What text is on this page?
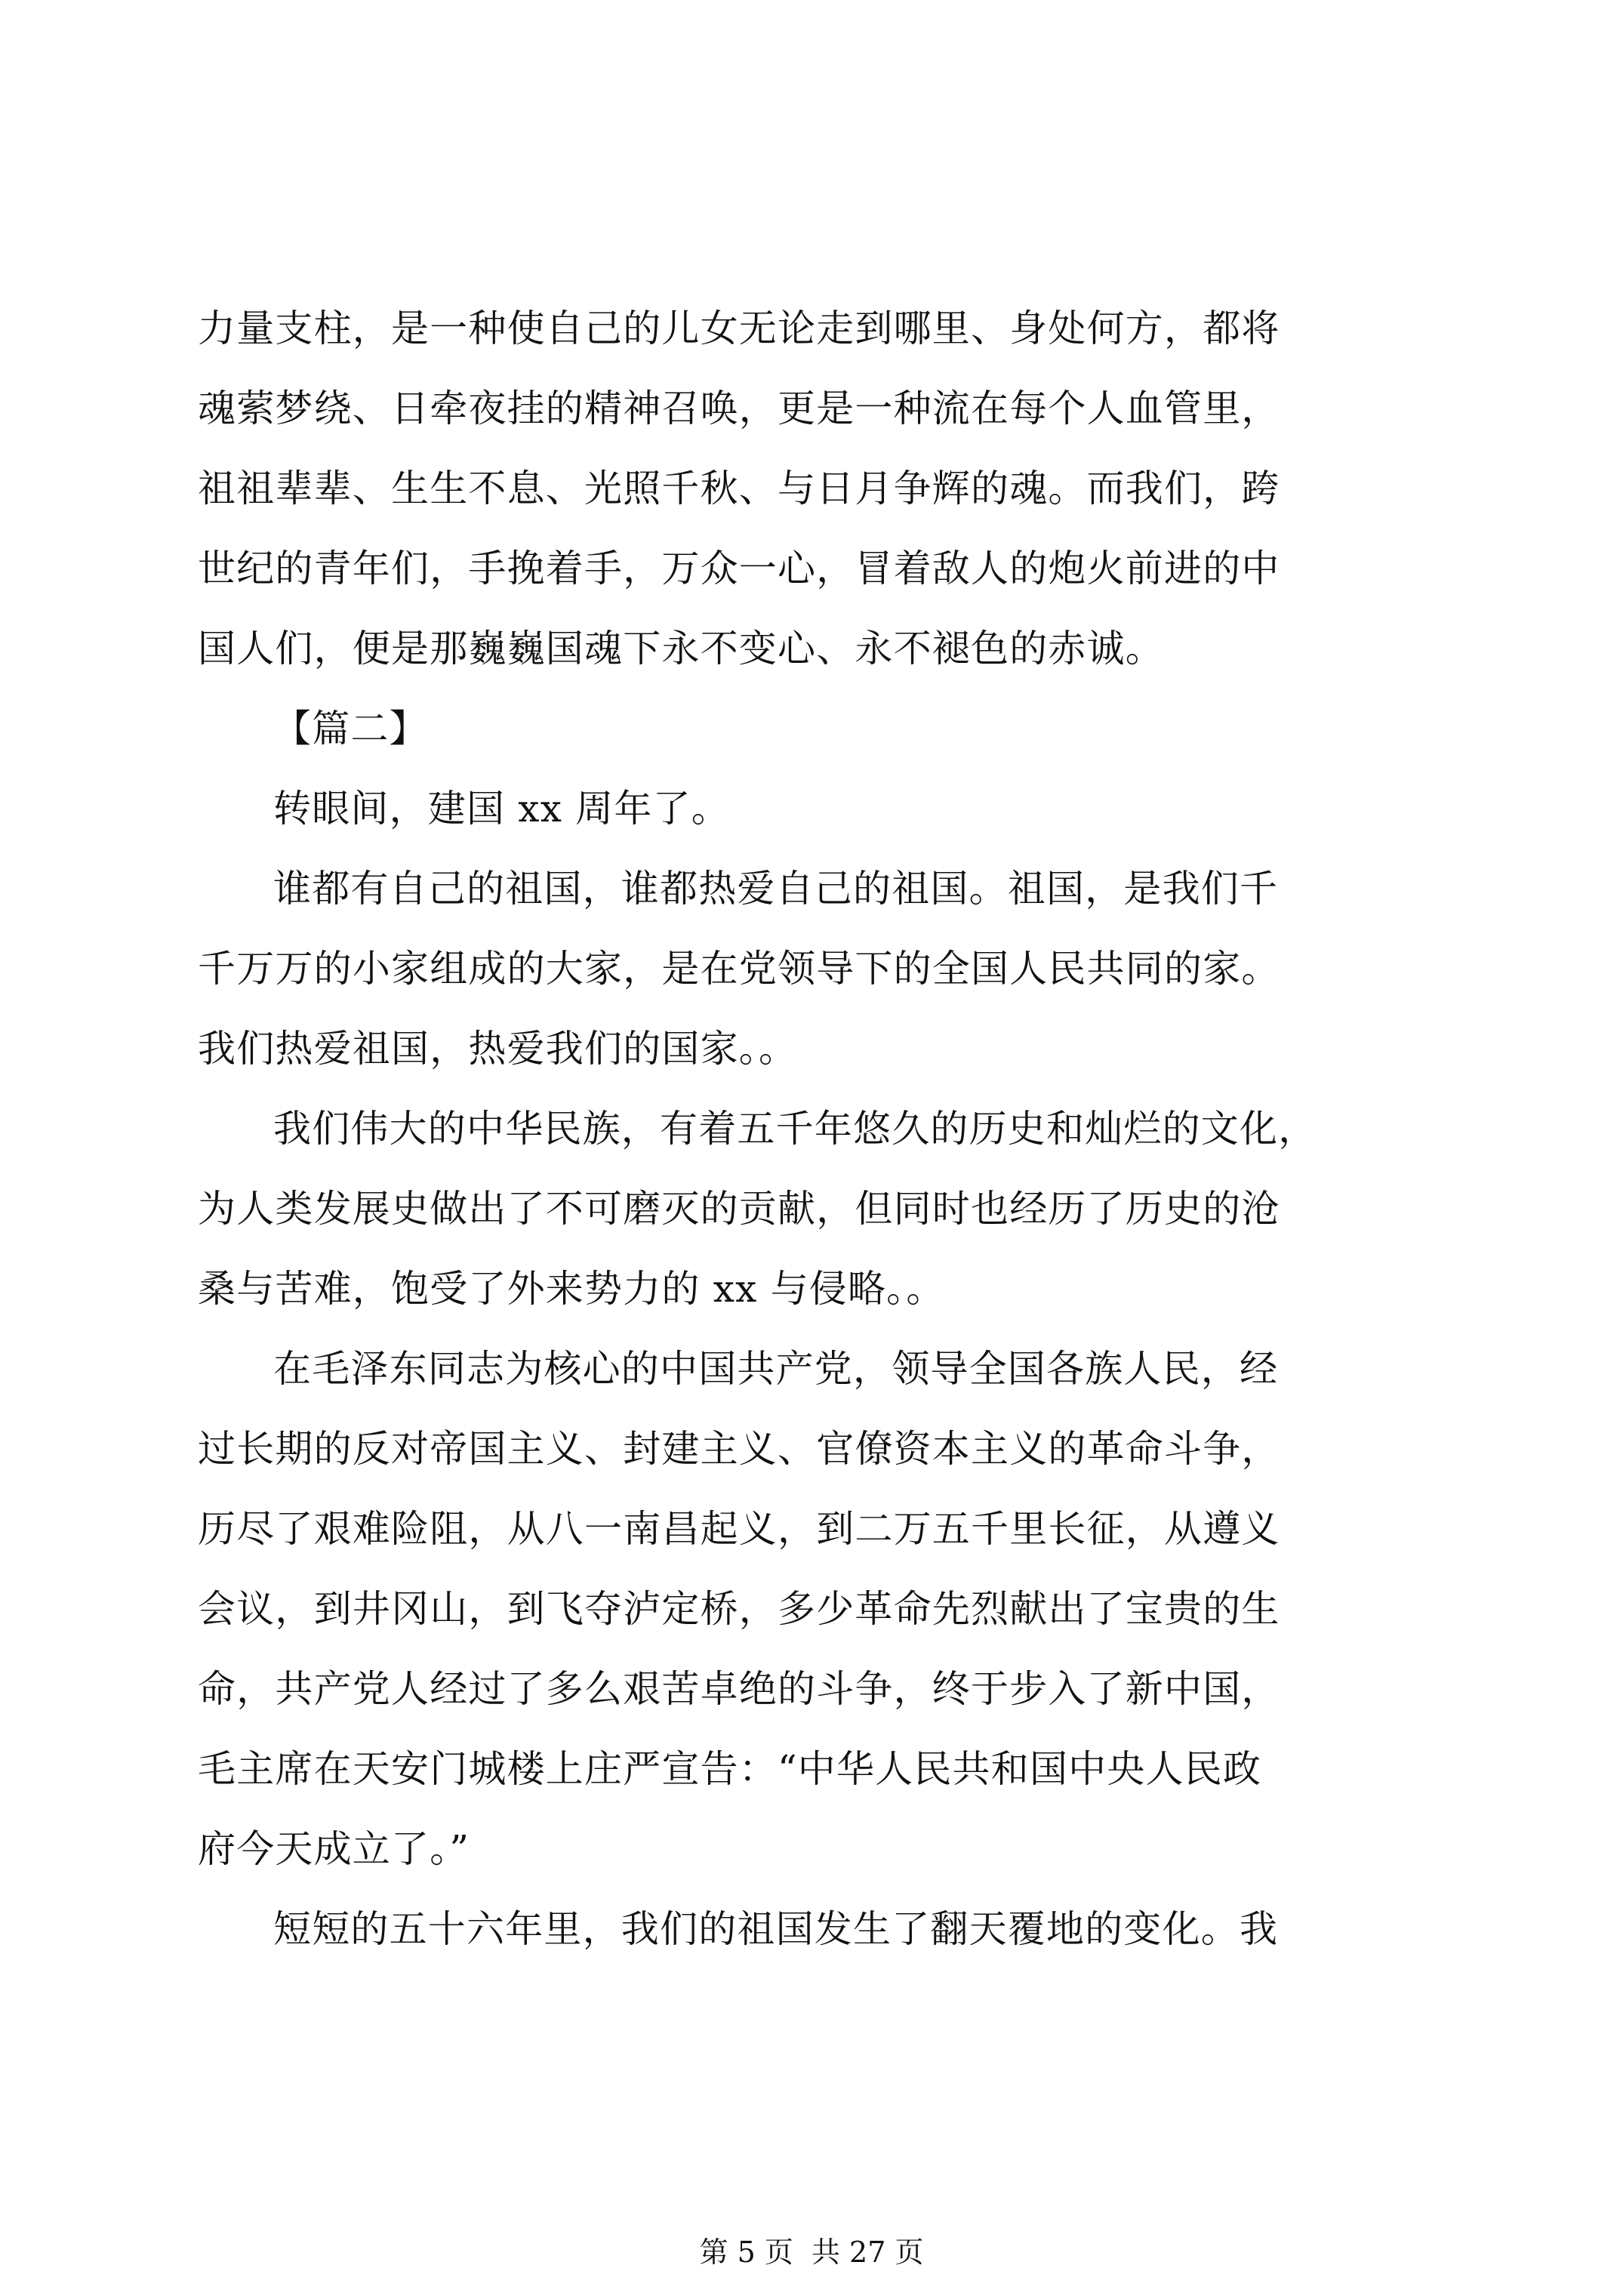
力量支柱，是一种使自己的儿女无论走到哪里、身处何方，都将
魂萦梦绕、日牵夜挂的精神召唤，更是一种流在每个人血管里，
祖祖辈辈、生生不息、光照千秋、与日月争辉的魂。而我们，跨
世纪的青年们，手挽着手，万众一心，冒着敌人的炮火前进的中
国人们，便是那巍巍国魂下永不变心、永不褪色的赤诚。
【篇二】
转眼间，建国 xx 周年了。
谁都有自己的祖国，谁都热爱自己的祖国。祖国，是我们千
千万万的小家组成的大家，是在党领导下的全国人民共同的家。
我们热爱祖国，热爱我们的国家。。
我们伟大的中华民族，有着五千年悠久的历史和灿烂的文化，
为人类发展史做出了不可磨灭的贡献，但同时也经历了历史的沧
桑与苦难，饱受了外来势力的 xx 与侵略。。
在毛泽东同志为核心的中国共产党，领导全国各族人民，经
过长期的反对帝国主义、封建主义、官僚资本主义的革命斗争，
历尽了艰难险阻，从八一南昌起义，到二万五千里长征，从遵义
会议，到井冈山，到飞夺泸定桥，多少革命先烈献出了宝贵的生
命，共产党人经过了多么艰苦卓绝的斗争，终于步入了新中国，
毛主席在天安门城楼上庄严宣告：“中华人民共和国中央人民政
府今天成立了。”
短短的五十六年里，我们的祖国发生了翻天覆地的变化。我
第 5 页 共 27 页
